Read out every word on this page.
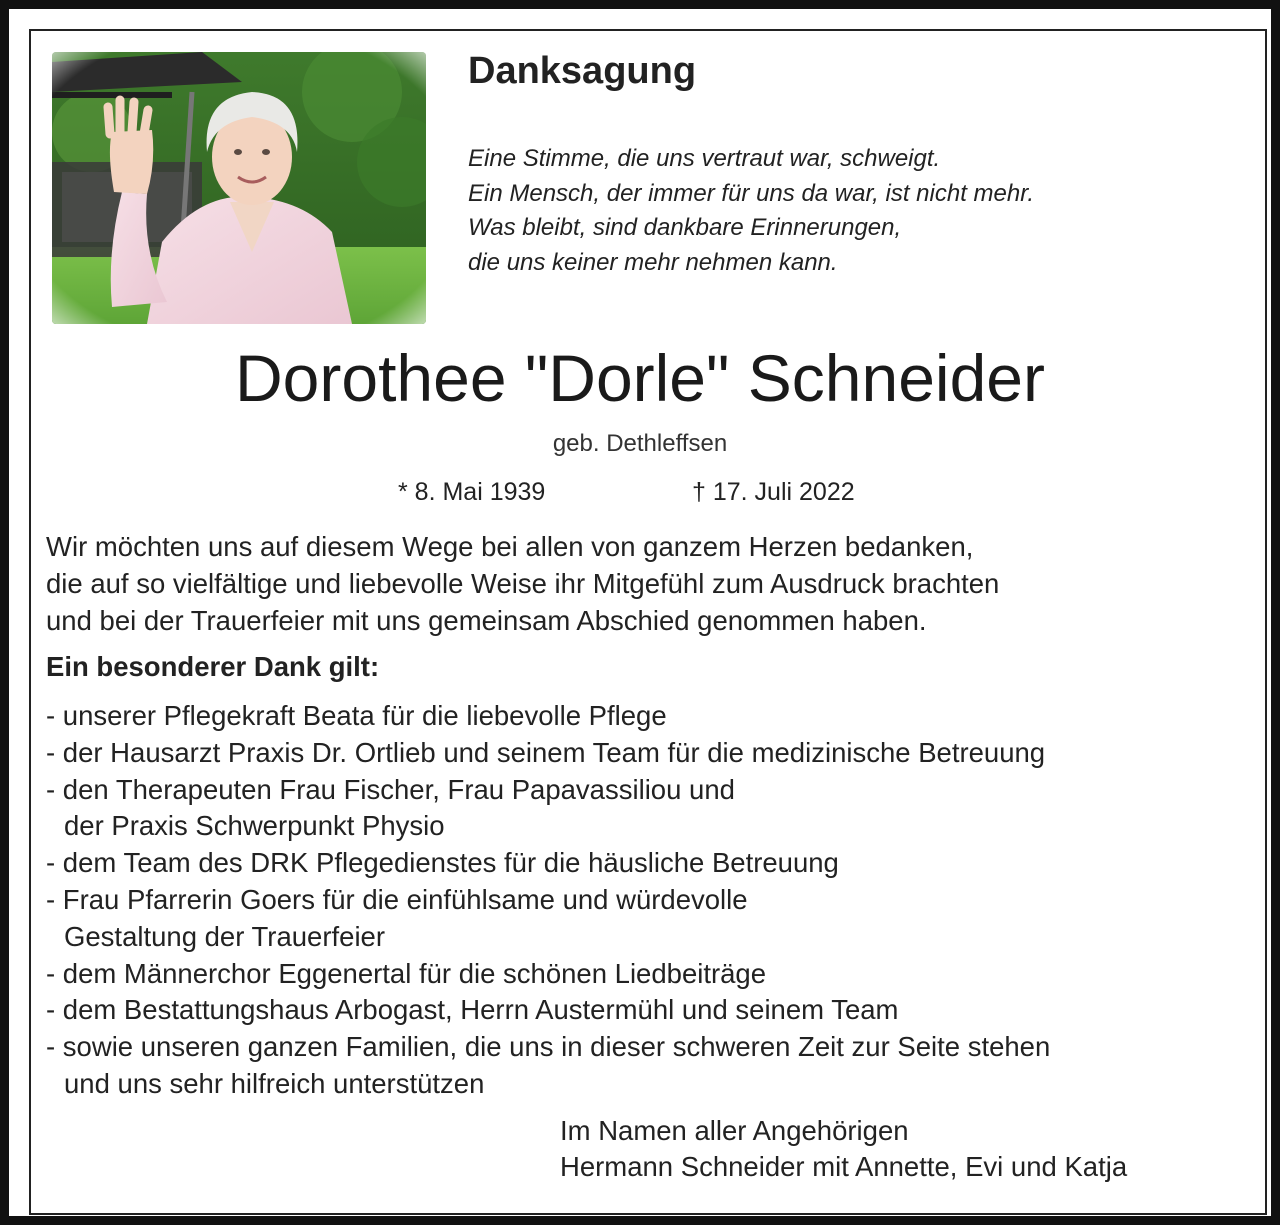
Danksagung
Eine Stimme, die uns vertraut war, schweigt.
Ein Mensch, der immer für uns da war, ist nicht mehr.
Was bleibt, sind dankbare Erinnerungen,
die uns keiner mehr nehmen kann.
Dorothee "Dorle" Schneider
geb. Dethleffsen
* 8. Mai 1939	† 17. Juli 2022
Wir möchten uns auf diesem Wege bei allen von ganzem Herzen bedanken,
die auf so vielfältige und liebevolle Weise ihr Mitgefühl zum Ausdruck brachten
und bei der Trauerfeier mit uns gemeinsam Abschied genommen haben.
Ein besonderer Dank gilt:
- unserer Pflegekraft Beata für die liebevolle Pflege
- der Hausarzt Praxis Dr. Ortlieb und seinem Team für die medizinische Betreuung
- den Therapeuten Frau Fischer, Frau Papavassiliou und
der Praxis Schwerpunkt Physio
- dem Team des DRK Pflegedienstes für die häusliche Betreuung
- Frau Pfarrerin Goers für die einfühlsame und würdevolle
Gestaltung der Trauerfeier
- dem Männerchor Eggenertal für die schönen Liedbeiträge
- dem Bestattungshaus Arbogast, Herrn Austermühl und seinem Team
- sowie unseren ganzen Familien, die uns in dieser schweren Zeit zur Seite stehen
und uns sehr hilfreich unterstützen
Im Namen aller Angehörigen
Hermann Schneider mit Annette, Evi und Katja
